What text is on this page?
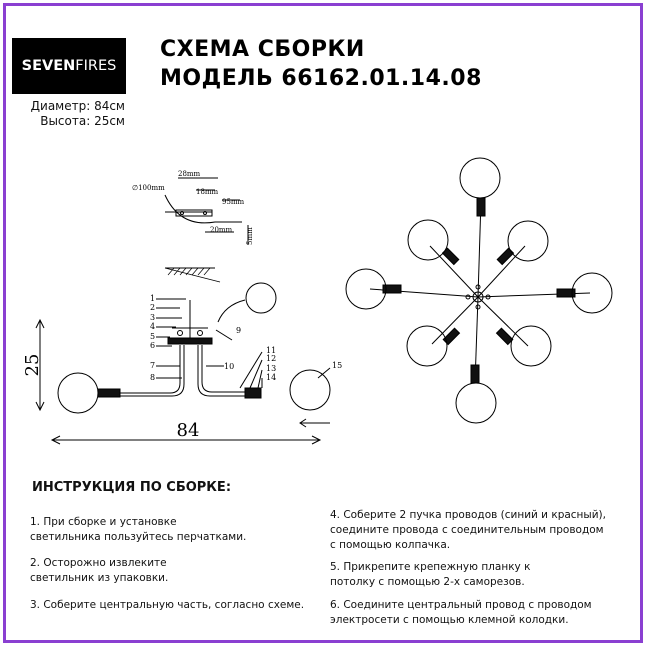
SEVEN FIRES
СХЕМА СБОРКИ
МОДЕЛЬ 66162.01.14.08
Диаметр: 84см
Высота: 25см
1
2
3
4
5
6
7
8
9
10
11
12
13
14
15
25
84
∅100mm
28mm
18mm
95mm
20mm 5mm
ИНСТРУКЦИЯ ПО СБОРКЕ:
1. При сборке и установке
светильника пользуйтесь перчатками.
2. Осторожно извлеките
светильник из упаковки.
3. Соберите центральную часть, согласно схеме.
4. Соберите 2 пучка проводов (синий и красный),
соедините провода с соединительным проводом
с помощью колпачка.
5. Прикрепите крепежную планку к
потолку с помощью 2-х саморезов.
6. Соедините центральный провод с проводом
электросети с помощью клемной колодки.
